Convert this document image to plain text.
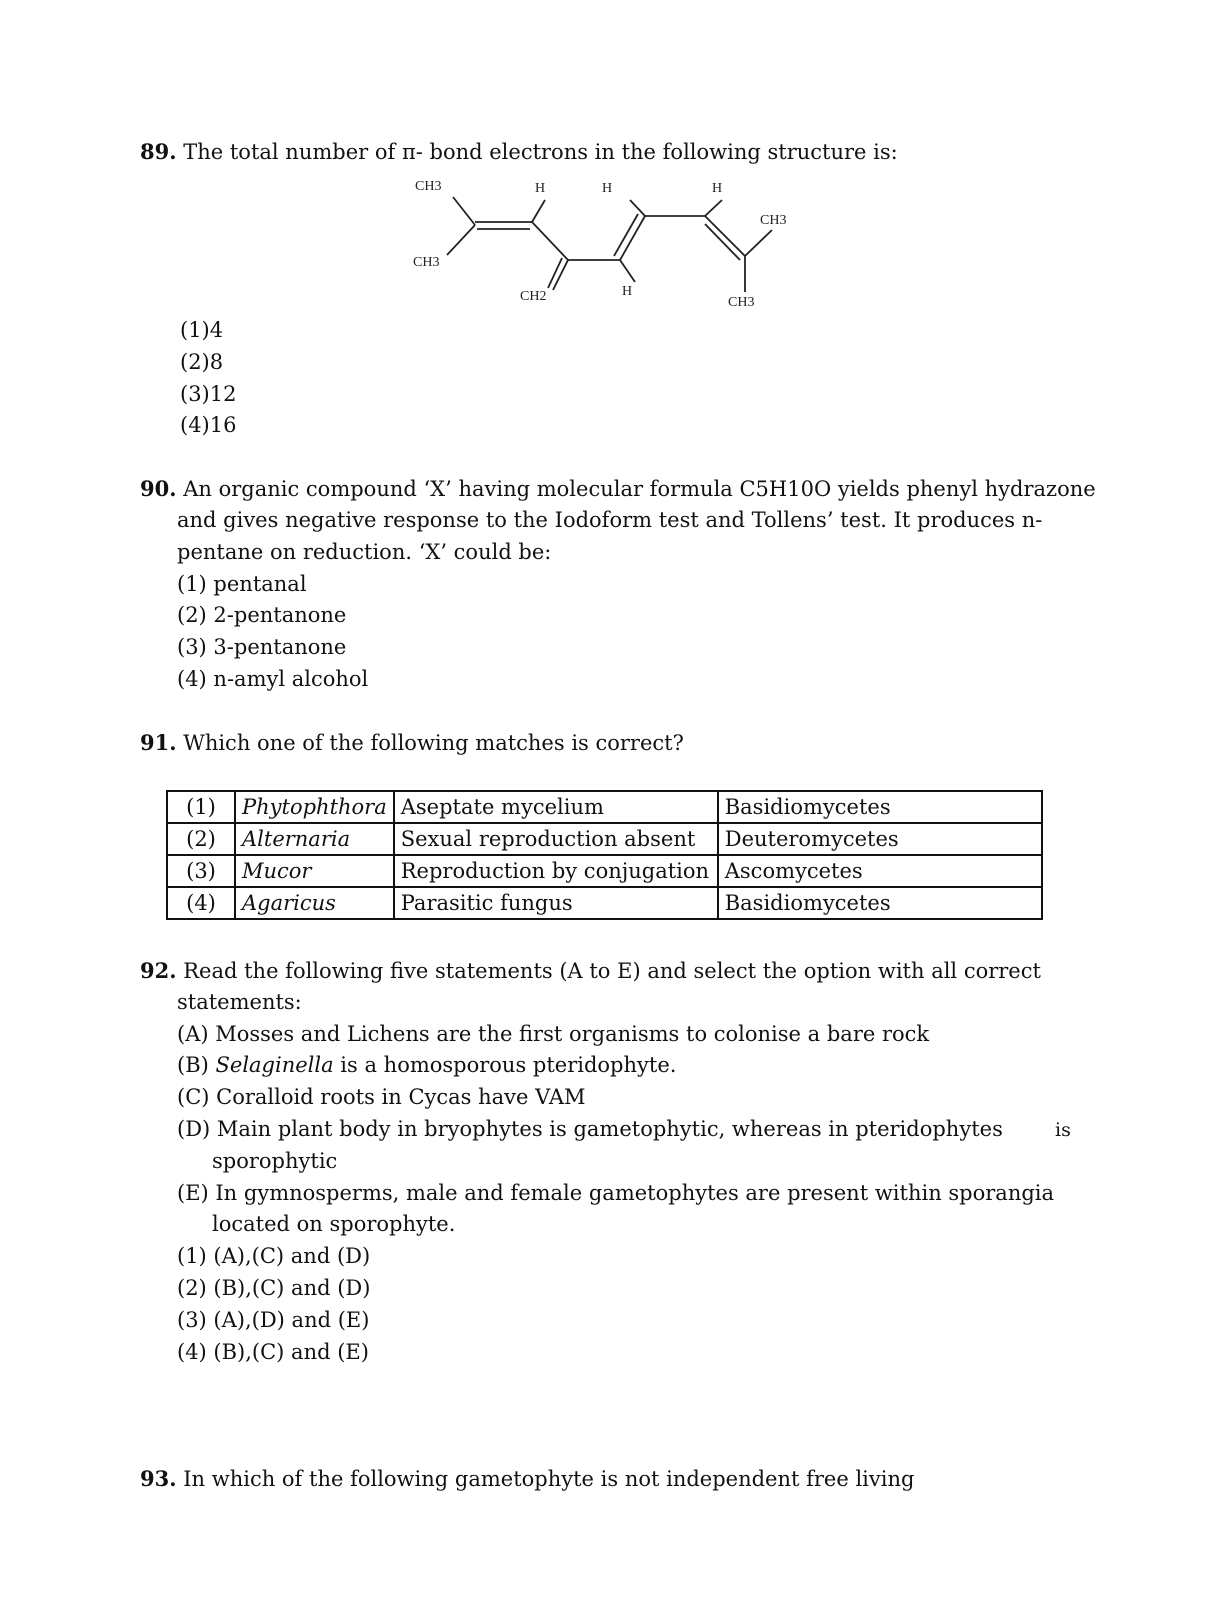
89. The total number of π- bond electrons in the following structure is:
CH3
CH3
H	H	H
H
CH2
CH3
CH3
(1)4
(2)8
(3)12
(4)16
90. An organic compound ‘X’ having molecular formula C5H10O yields phenyl hydrazone
and gives negative response to the Iodoform test and Tollens’ test. It produces n-
pentane on reduction. ‘X’ could be:
(1) pentanal
(2) 2-pentanone
(3) 3-pentanone
(4) n-amyl alcohol
91. Which one of the following matches is correct?
(1)	Phytophthora	Aseptate mycelium	Basidiomycetes
(2)	Alternaria	Sexual reproduction absent	Deuteromycetes
(3)	Mucor	Reproduction by conjugation	Ascomycetes
(4)	Agaricus	Parasitic fungus	Basidiomycetes
92. Read the following five statements (A to E) and select the option with all correct
statements:
(A) Mosses and Lichens are the first organisms to colonise a bare rock
(B) Selaginella is a homosporous pteridophyte.
(C) Coralloid roots in Cycas have VAM
(D) Main plant body in bryophytes is gametophytic, whereas in pteridophytes	is
sporophytic
(E) In gymnosperms, male and female gametophytes are present within sporangia
located on sporophyte.
(1) (A),(C) and (D)
(2) (B),(C) and (D)
(3) (A),(D) and (E)
(4) (B),(C) and (E)
93. In which of the following gametophyte is not independent free living
